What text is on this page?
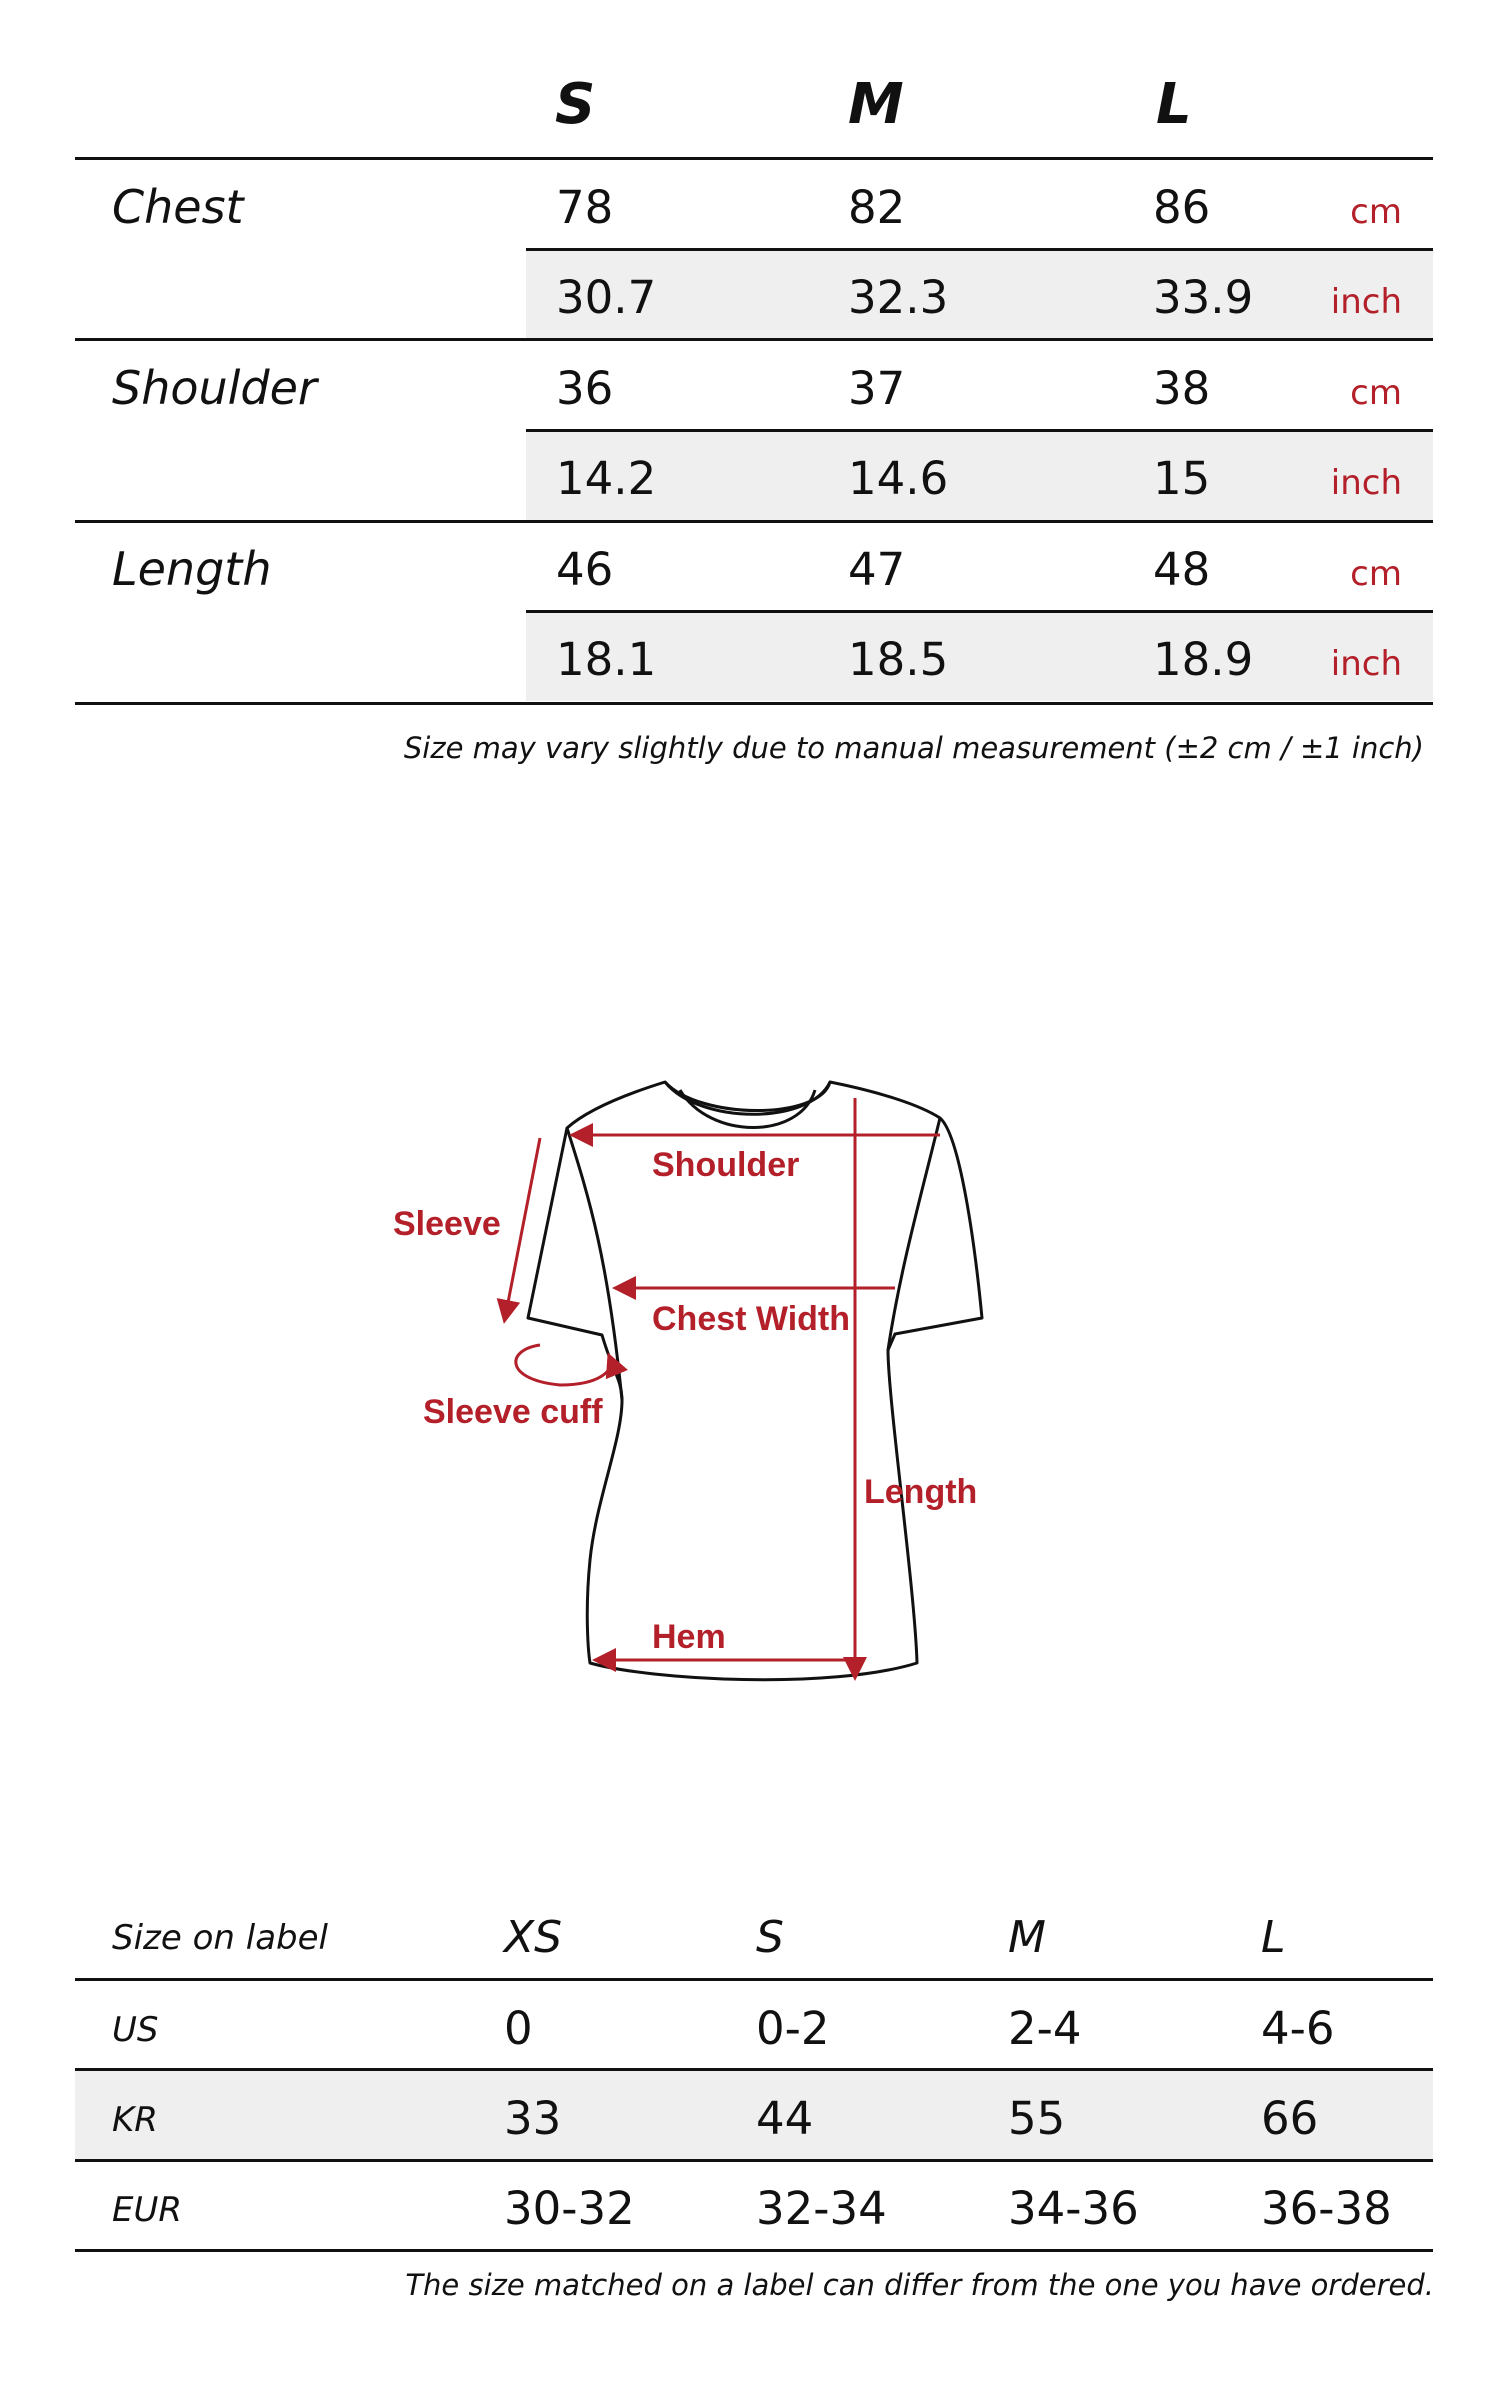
S	M	L
Chest	78	82	86	cm
30.7	32.3	33.9 inch
Shoulder	36	37	38	cm
14.2	14.6	15	inch
Length	46	47	48	cm
18.1	18.5	18.9 inch
Size may vary slightly due to manual measurement (±2 cm / ±1 inch)
Shoulder
Sleeve
Chest Width
Sleeve cuff
Length
Hem
Size on label	XS	S	M	L
US	0	0-2	2-4	4-6
KR	33	44	55	66
EUR	30-32	32-34	34-36	36-38
The size matched on a label can differ from the one you have ordered.
